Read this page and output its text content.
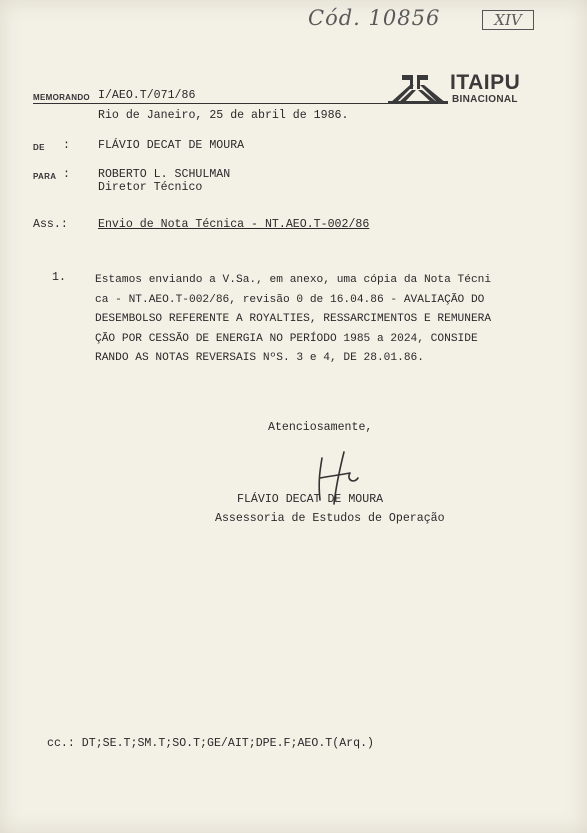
Cód. 10856	XIV
ITAIPU
BINACIONAL
MEMORANDO I/AEO.T/071/86
Rio de Janeiro, 25 de abril de 1986.
DE : FLÁVIO DECAT DE MOURA
PARA : ROBERTO L. SCHULMAN
Diretor Técnico
Ass.:	Envio de Nota Técnica - NT.AEO.T-002/86
1.	Estamos enviando a V.Sa., em anexo, uma cópia da Nota Técni
ca - NT.AEO.T-002/86, revisão 0 de 16.04.86 - AVALIAÇÃO DO
DESEMBOLSO REFERENTE A ROYALTIES, RESSARCIMENTOS E REMUNERA
ÇÃO POR CESSÃO DE ENERGIA NO PERÍODO 1985 a 2024, CONSIDE
RANDO AS NOTAS REVERSAIS NºS. 3 e 4, DE 28.01.86.
Atenciosamente,
FLÁVIO DECAT DE MOURA
Assessoria de Estudos de Operação
cc.: DT;SE.T;SM.T;SO.T;GE/AIT;DPE.F;AEO.T(Arq.)
